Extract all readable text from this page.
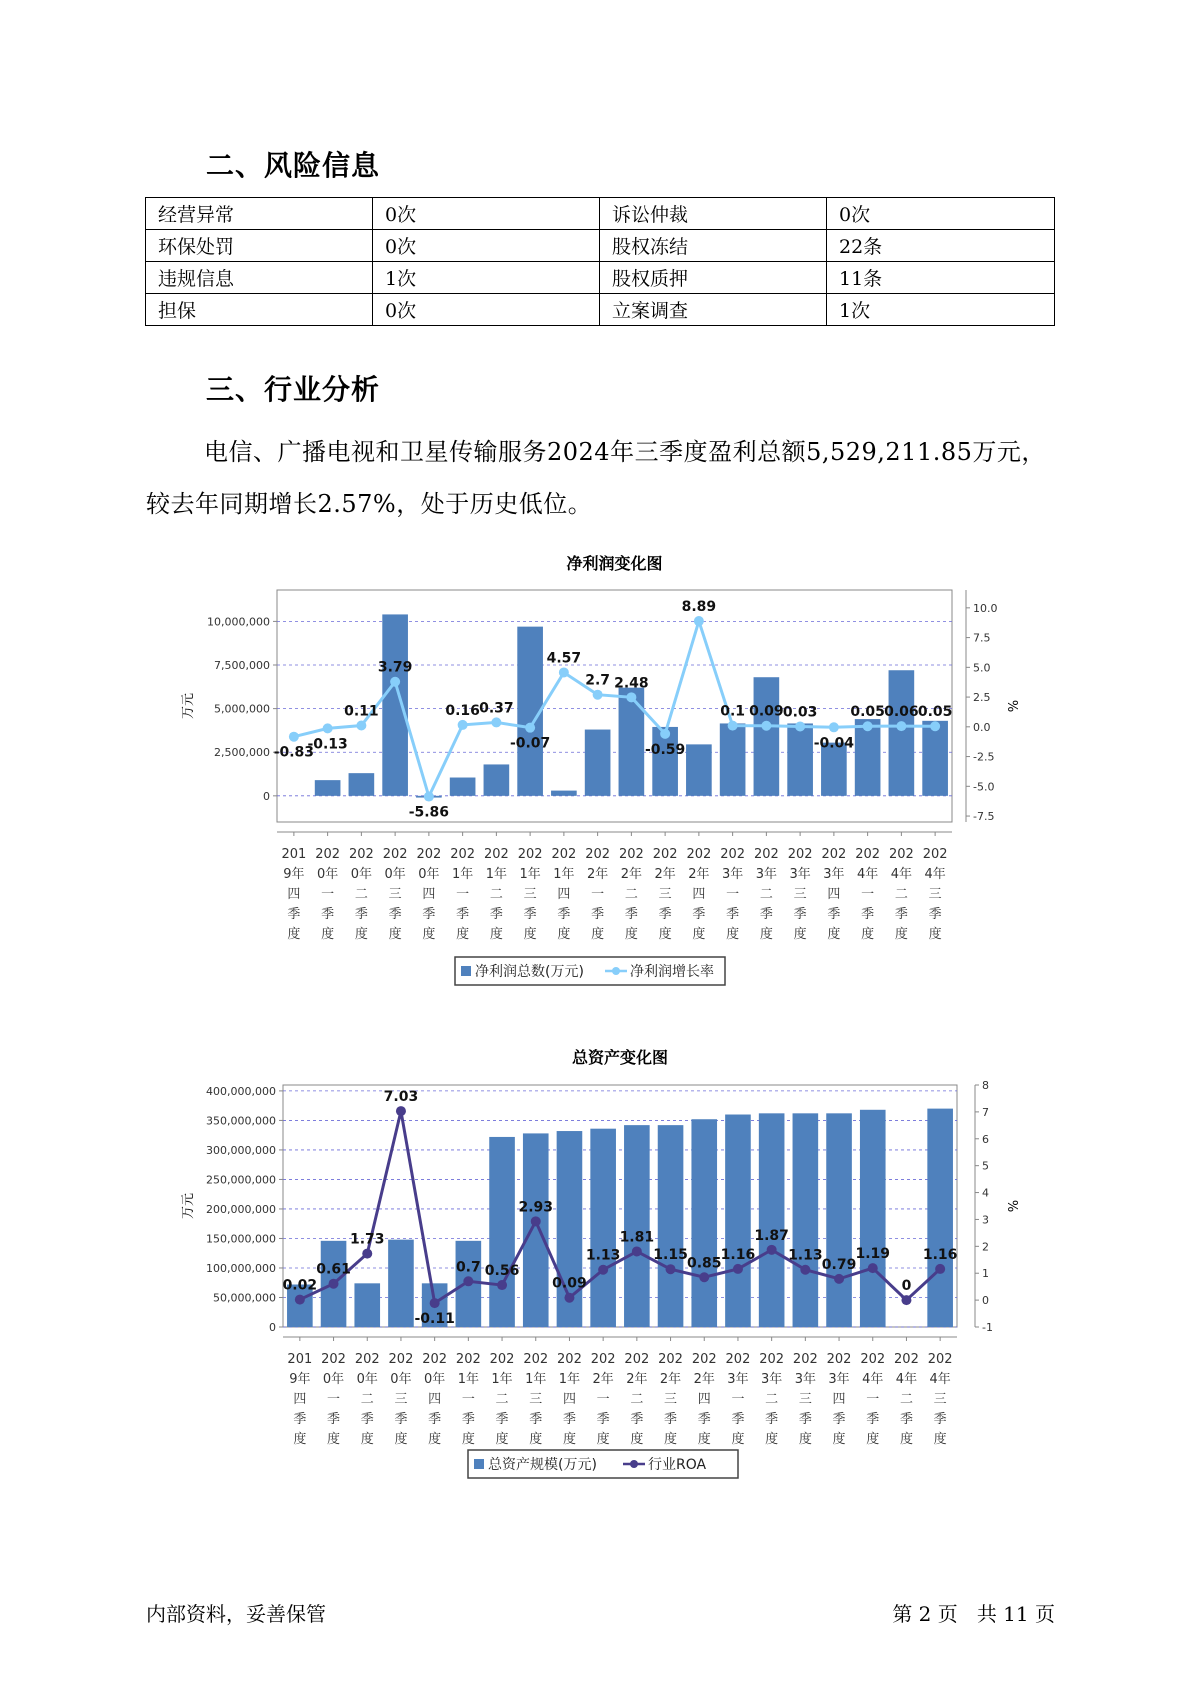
二、风险信息
经营异常	0次	诉讼仲裁	0次
环保处罚	0次	股权冻结	22条
违规信息	1次	股权质押	11条
担保	0次	立案调查	1次
三、行业分析
电信、广播电视和卫星传输服务2024年三季度盈利总额5,529,211.85万元，较去年同期增长2.57%，处于历史低位。
净利润变化图
0
2,500,000
5,000,000
7,500,000
10,000,000
-7.5
-5.0
-2.5
0.0
2.5
5.0
7.5
10.0
万元	%
-0.83
-0.13
0.11
3.79
-5.86
0.16 0.37
-0.07
4.57
2.7 2.48
-0.59
8.89
0.1 0.09 0.03
-0.04
0.05 0.06 0.05
201 9年四季度
202 0年一季度
202 0年二季度
202 0年三季度
202 0年四季度
202 1年一季度
202 1年二季度
202 1年三季度
202 1年四季度
202 2年一季度
202 2年二季度
202 2年三季度
202 2年四季度
202 3年一季度
202 3年二季度
202 3年三季度
202 3年四季度
202 4年一季度
202 4年二季度
202 4年三季度
净利润总数(万元)	净利润增长率
总资产变化图
0
50,000,000
100,000,000
150,000,000
200,000,000
250,000,000
300,000,000
350,000,000
400,000,000
-1
0
1
2
3
4
5
6
7
8
万元	%
0.02
0.61
1.73
7.03
-0.11
0.7 0.56
2.93
0.09
1.13
1.81
1.15
0.85
1.16
1.87
1.13
0.79
1.19
0
1.16
201 9年四季度
202 0年一季度
202 0年二季度
202 0年三季度
202 0年四季度
202 1年一季度
202 1年二季度
202 1年三季度
202 1年四季度
202 2年一季度
202 2年二季度
202 2年三季度
202 2年四季度
202 3年一季度
202 3年二季度
202 3年三季度
202 3年四季度
202 4年一季度
202 4年二季度
202 4年三季度
总资产规模(万元)	行业ROA
内部资料，妥善保管	第 2 页   共 11 页
